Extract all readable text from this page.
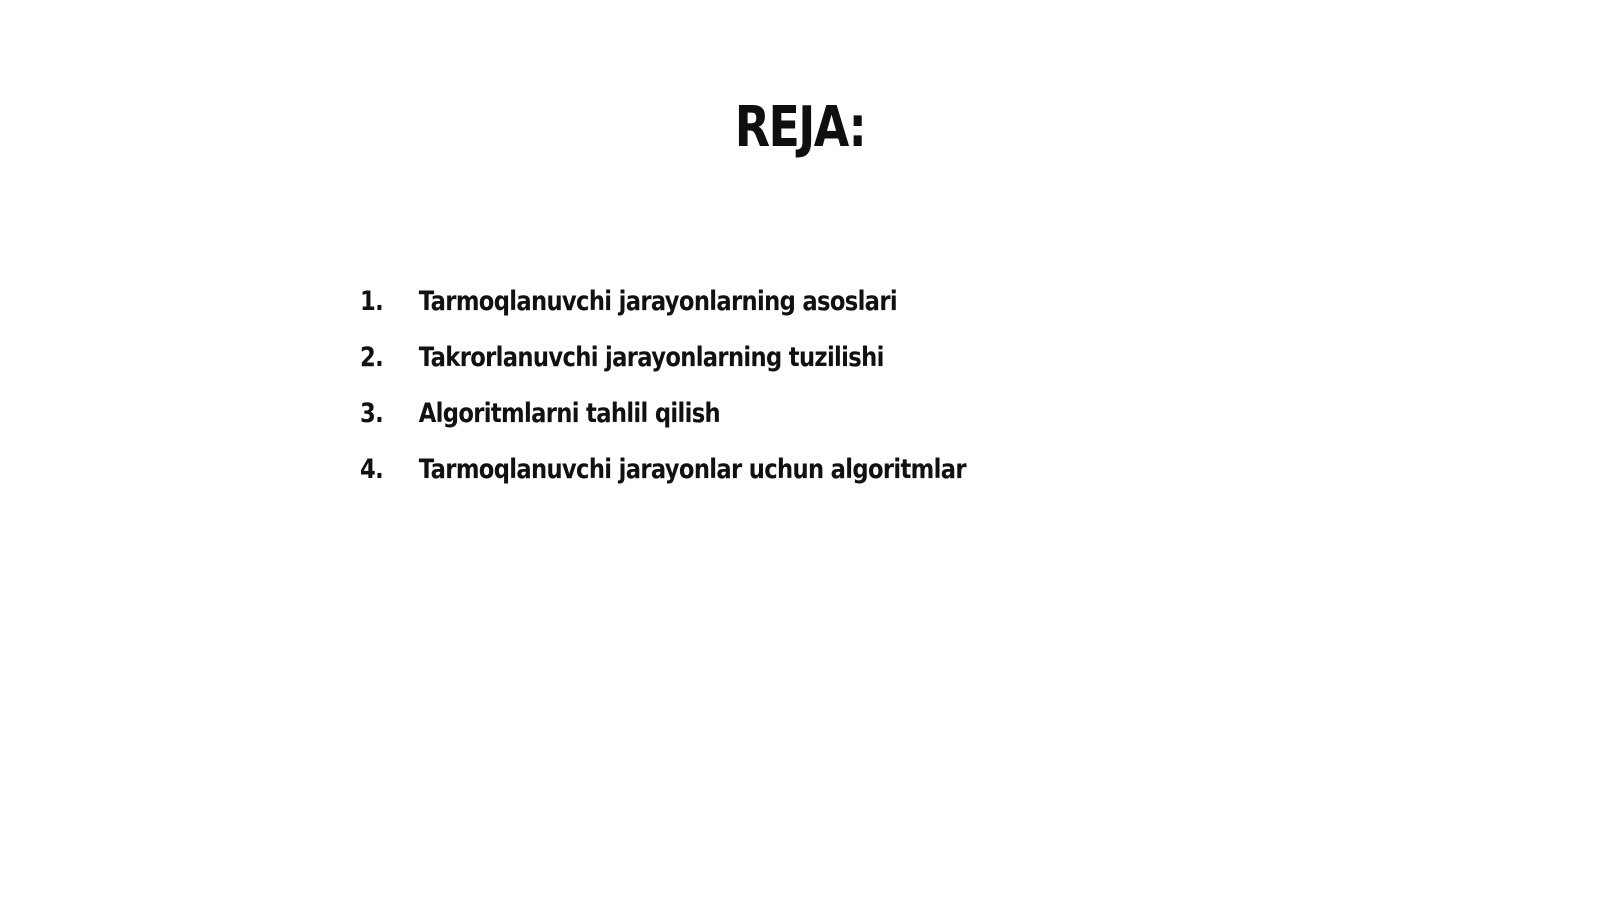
REJA:
1.	Tarmoqlanuvchi jarayonlarning asoslari
2.	Takrorlanuvchi jarayonlarning tuzilishi
3.	Algoritmlarni tahlil qilish
4.	Tarmoqlanuvchi jarayonlar uchun algoritmlar
